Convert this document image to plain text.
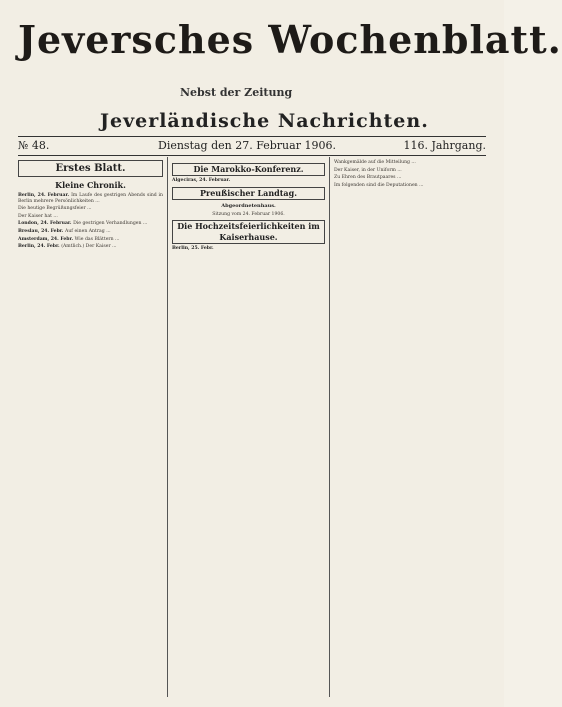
Jeversches Wochenblatt.
Nebst der Zeitung
Jeverländische Nachrichten.
№ 48.	Dienstag den 27. Februar 1906.	116. Jahrgang.
Erstes Blatt.
Kleine Chronik.

Berlin, 24. Februar. Im Laufe des gestrigen Abends sind in Berlin mehrere Persönlichkeiten ...

Die heutige Begrüßungsfeier ...

Der Kaiser hat ...

London, 24. Februar. Die gestrigen Verhandlungen ...

Breslau, 24. Febr. Auf einen Antrag ...

Amsterdam, 24. Febr. Wie das Blättern ...

Berlin, 24. Febr. (Amtlich.) Der Kaiser ...

Die Marokko-Konferenz.

Algeciras, 24. Februar.

Preußischer Landtag.
Abgeordnetenhaus.
Sitzung vom 24. Februar 1906.

Die Hochzeitsfeierlichkeiten im Kaiserhause.

Berlin, 25. Febr.

Wankgemälde auf die Mitteilung ...

Der Kaiser, in der Uniform ...

Zu Ehren des Brautpaares ...

Im folgenden sind die Deputationen ...
